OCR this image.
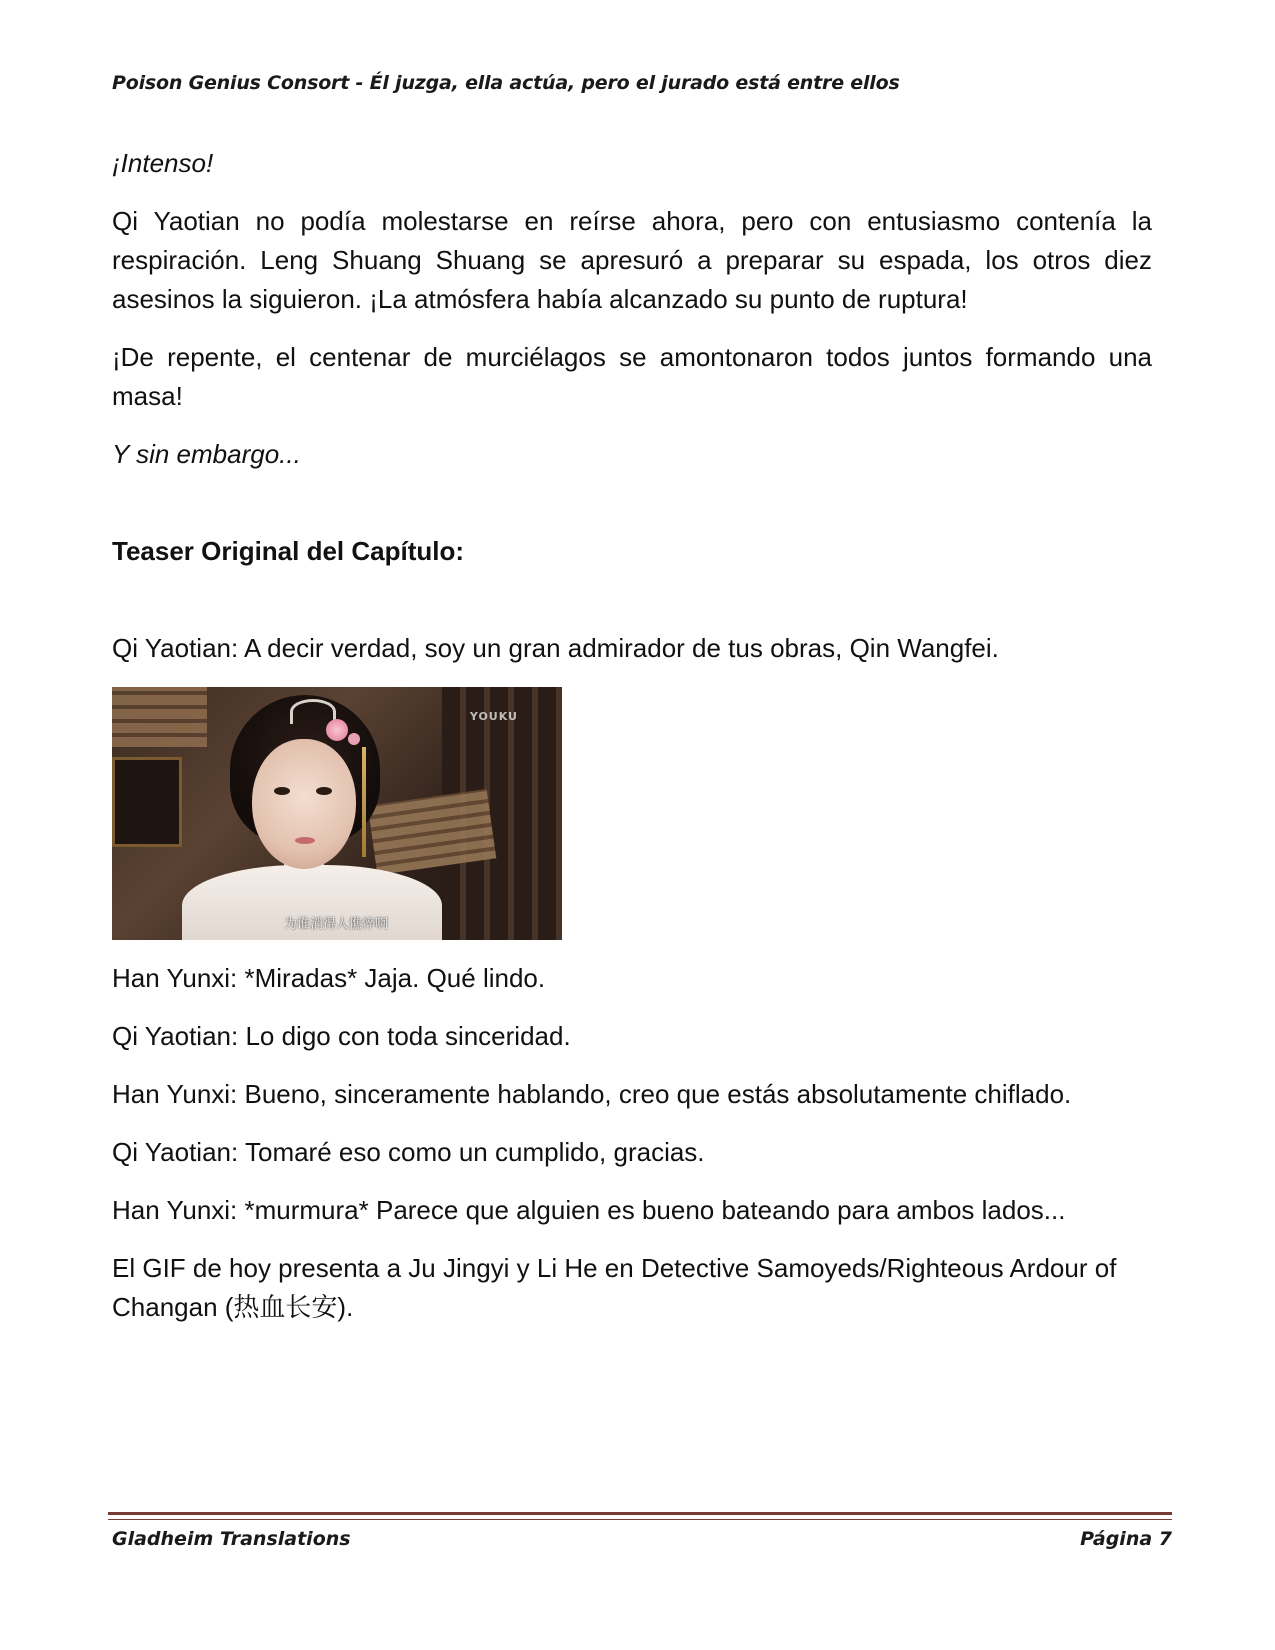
Poison Genius Consort - Él juzga, ella actúa, pero el jurado está entre ellos

¡Intenso!

Qi Yaotian no podía molestarse en reírse ahora, pero con entusiasmo contenía la respiración. Leng Shuang Shuang se apresuró a preparar su espada, los otros diez asesinos la siguieron. ¡La atmósfera había alcanzado su punto de ruptura!

¡De repente, el centenar de murciélagos se amontonaron todos juntos formando una masa!

Y sin embargo...

Teaser Original del Capítulo:

Qi Yaotian: A decir verdad, soy un gran admirador de tus obras, Qin Wangfei.

YOUKU
为谁消得人憔悴啊

Han Yunxi: *Miradas* Jaja. Qué lindo.

Qi Yaotian: Lo digo con toda sinceridad.

Han Yunxi: Bueno, sinceramente hablando, creo que estás absolutamente chiflado.

Qi Yaotian: Tomaré eso como un cumplido, gracias.

Han Yunxi: *murmura* Parece que alguien es bueno bateando para ambos lados...

El GIF de hoy presenta a Ju Jingyi y Li He en Detective Samoyeds/Righteous Ardour of Changan (热血长安).

Gladheim Translations	Página 7
